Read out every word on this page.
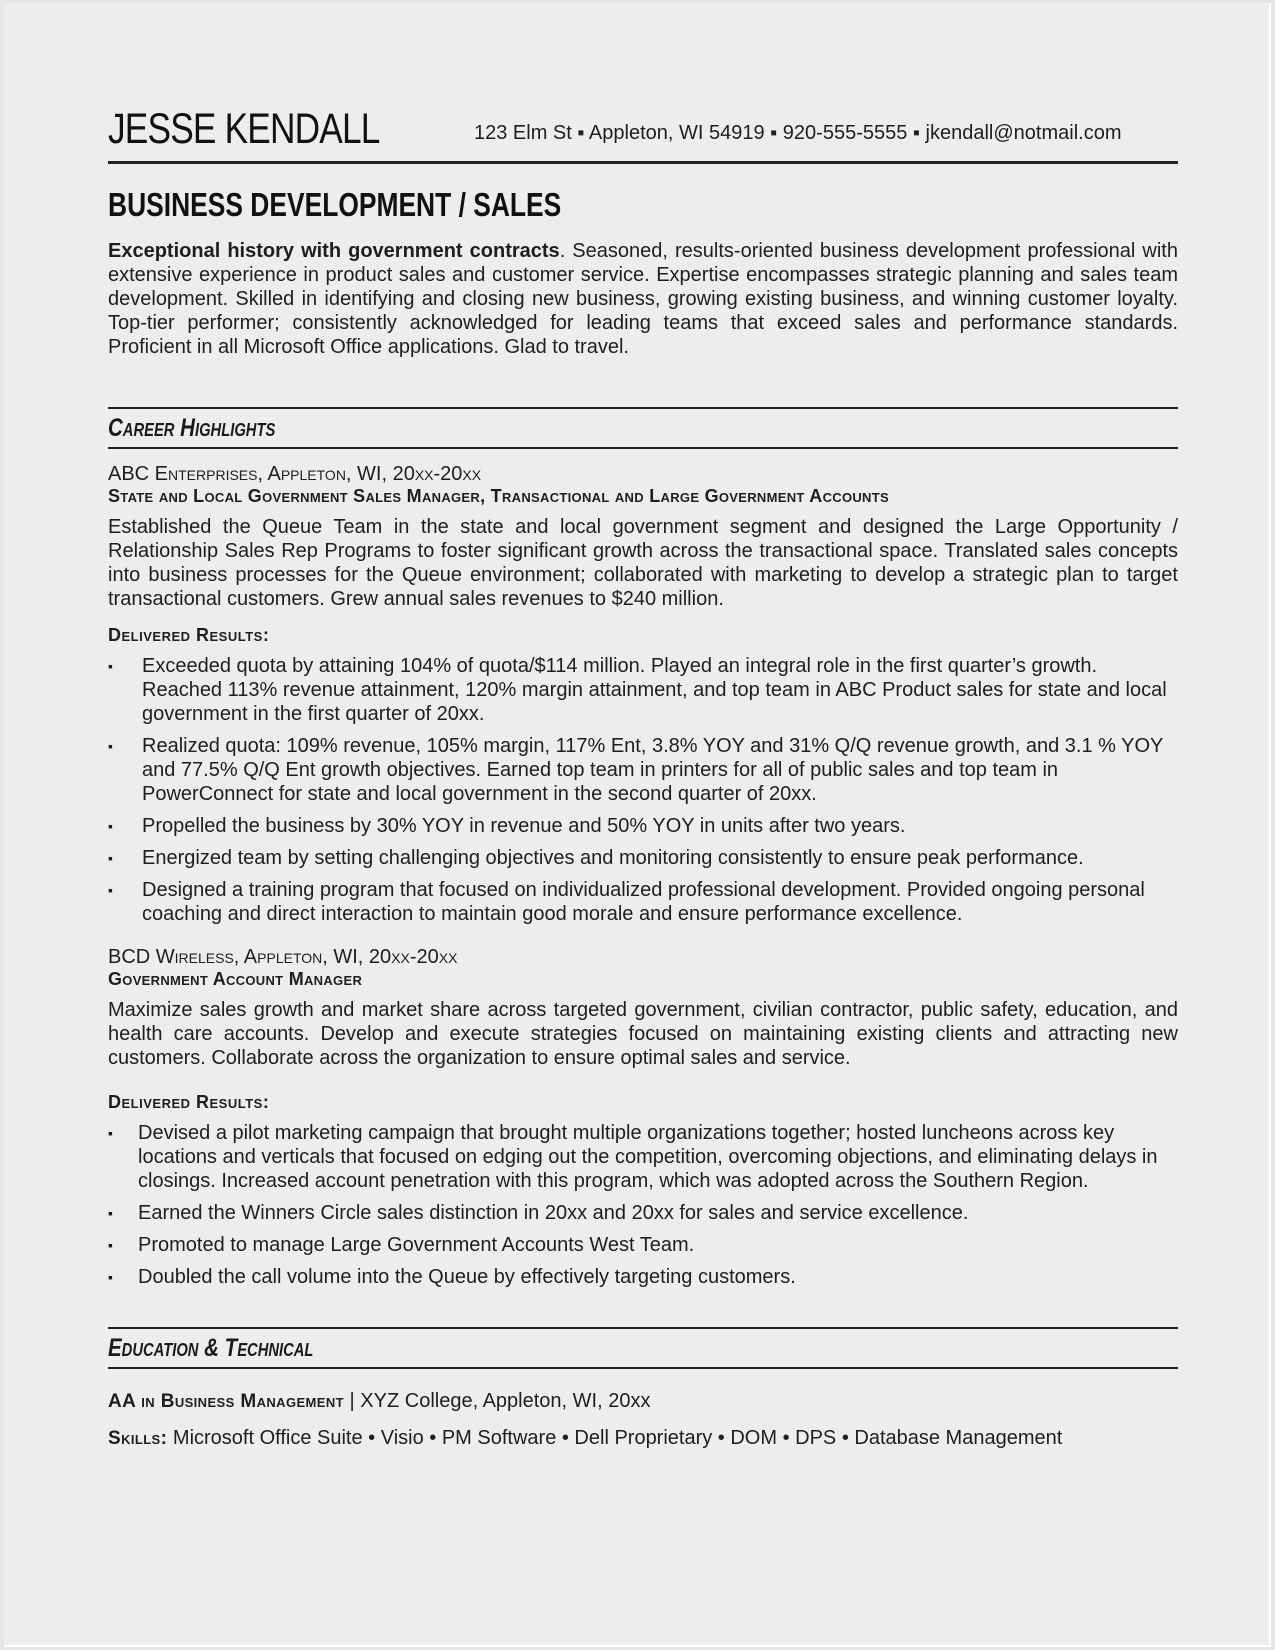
JESSE KENDALL	123 Elm St ▪ Appleton, WI 54919 ▪ 920-555-5555 ▪ jkendall@notmail.com
BUSINESS DEVELOPMENT / SALES
Exceptional history with government contracts. Seasoned, results-oriented business development professional with extensive experience in product sales and customer service. Expertise encompasses strategic planning and sales team development. Skilled in identifying and closing new business, growing existing business, and winning customer loyalty. Top-tier performer; consistently acknowledged for leading teams that exceed sales and performance standards. Proficient in all Microsoft Office applications. Glad to travel.
Career Highlights
ABC Enterprises, Appleton, WI, 20xx-20xx
State and Local Government Sales Manager, Transactional and Large Government Accounts
Established the Queue Team in the state and local government segment and designed the Large Opportunity / Relationship Sales Rep Programs to foster significant growth across the transactional space. Translated sales concepts into business processes for the Queue environment; collaborated with marketing to develop a strategic plan to target transactional customers. Grew annual sales revenues to $240 million.
Delivered Results:
▪ Exceeded quota by attaining 104% of quota/$114 million. Played an integral role in the first quarter’s growth. Reached 113% revenue attainment, 120% margin attainment, and top team in ABC Product sales for state and local government in the first quarter of 20xx.
▪ Realized quota: 109% revenue, 105% margin, 117% Ent, 3.8% YOY and 31% Q/Q revenue growth, and 3.1 % YOY and 77.5% Q/Q Ent growth objectives. Earned top team in printers for all of public sales and top team in PowerConnect for state and local government in the second quarter of 20xx.
▪ Propelled the business by 30% YOY in revenue and 50% YOY in units after two years.
▪ Energized team by setting challenging objectives and monitoring consistently to ensure peak performance.
▪ Designed a training program that focused on individualized professional development. Provided ongoing personal coaching and direct interaction to maintain good morale and ensure performance excellence.
BCD Wireless, Appleton, WI, 20xx-20xx
Government Account Manager
Maximize sales growth and market share across targeted government, civilian contractor, public safety, education, and health care accounts. Develop and execute strategies focused on maintaining existing clients and attracting new customers. Collaborate across the organization to ensure optimal sales and service.
Delivered Results:
▪ Devised a pilot marketing campaign that brought multiple organizations together; hosted luncheons across key locations and verticals that focused on edging out the competition, overcoming objections, and eliminating delays in closings. Increased account penetration with this program, which was adopted across the Southern Region.
▪ Earned the Winners Circle sales distinction in 20xx and 20xx for sales and service excellence.
▪ Promoted to manage Large Government Accounts West Team.
▪ Doubled the call volume into the Queue by effectively targeting customers.
Education & Technical
AA in Business Management | XYZ College, Appleton, WI, 20xx
Skills: Microsoft Office Suite • Visio • PM Software • Dell Proprietary • DOM • DPS • Database Management
